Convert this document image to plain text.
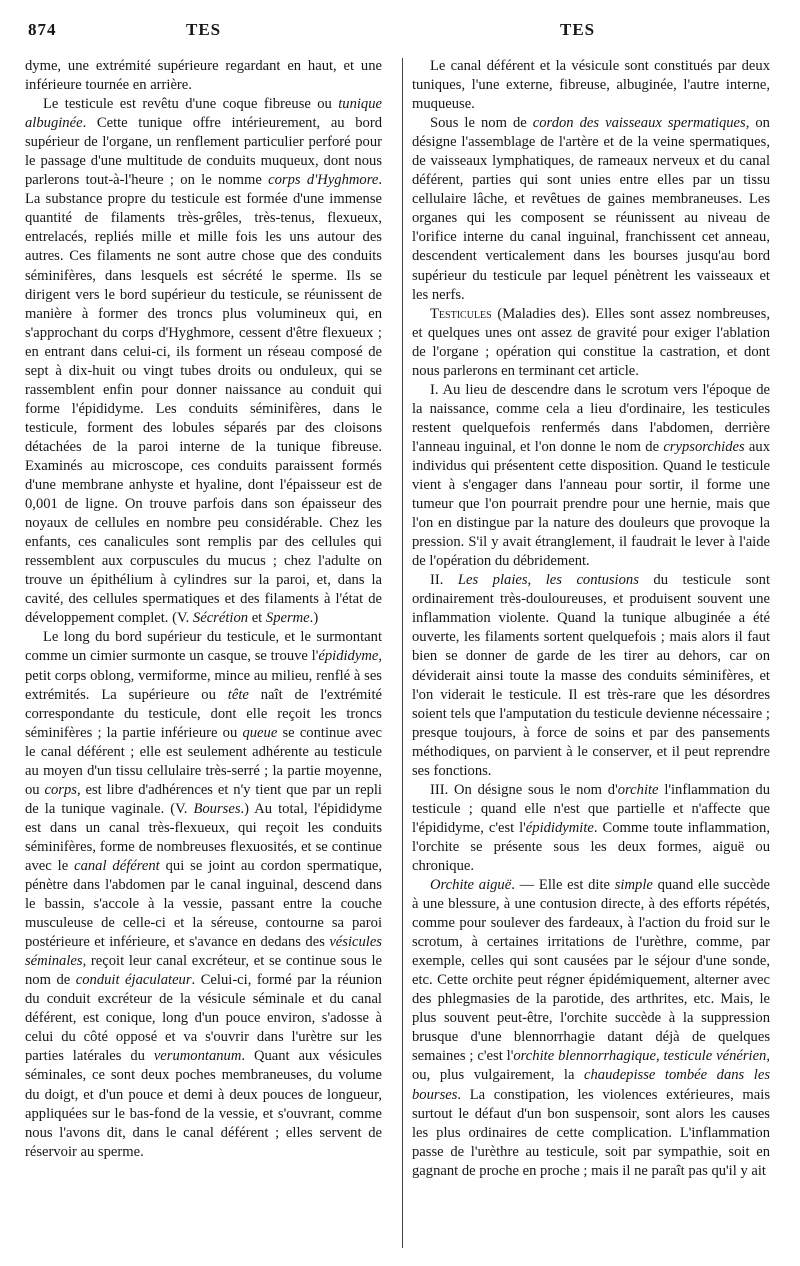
874	TES	TES

dyme, une extrémité supérieure regardant en haut, et une inférieure tournée en arrière.

Le testicule est revêtu d'une coque fibreuse ou tunique albuginée. Cette tunique offre intérieurement, au bord supérieur de l'organe, un renflement particulier perforé pour le passage d'une multitude de conduits muqueux, dont nous parlerons tout-à-l'heure ; on le nomme corps d'Hyghmore. La substance propre du testicule est formée d'une immense quantité de filaments très-grêles, très-tenus, flexueux, entrelacés, repliés mille et mille fois les uns autour des autres. Ces filaments ne sont autre chose que des conduits séminifères, dans lesquels est sécrété le sperme. Ils se dirigent vers le bord supérieur du testicule, se réunissent de manière à former des troncs plus volumineux qui, en s'approchant du corps d'Hyghmore, cessent d'être flexueux ; en entrant dans celui-ci, ils forment un réseau composé de sept à dix-huit ou vingt tubes droits ou onduleux, qui se rassemblent enfin pour donner naissance au conduit qui forme l'épididyme. Les conduits séminifères, dans le testicule, forment des lobules séparés par des cloisons détachées de la paroi interne de la tunique fibreuse. Examinés au microscope, ces conduits paraissent formés d'une membrane anhyste et hyaline, dont l'épaisseur est de 0,001 de ligne. On trouve parfois dans son épaisseur des noyaux de cellules en nombre peu considérable. Chez les enfants, ces canalicules sont remplis par des cellules qui ressemblent aux corpuscules du mucus ; chez l'adulte on trouve un épithélium à cylindres sur la paroi, et, dans la cavité, des cellules spermatiques et des filaments à l'état de développement complet. (V. Sécrétion et Sperme.)

Le long du bord supérieur du testicule, et le surmontant comme un cimier surmonte un casque, se trouve l'épididyme, petit corps oblong, vermiforme, mince au milieu, renflé à ses extrémités. La supérieure ou tête naît de l'extrémité correspondante du testicule, dont elle reçoit les troncs séminifères ; la partie inférieure ou queue se continue avec le canal déférent ; elle est seulement adhérente au testicule au moyen d'un tissu cellulaire très-serré ; la partie moyenne, ou corps, est libre d'adhérences et n'y tient que par un repli de la tunique vaginale. (V. Bourses.) Au total, l'épididyme est dans un canal très-flexueux, qui reçoit les conduits séminifères, forme de nombreuses flexuosités, et se continue avec le canal déférent qui se joint au cordon spermatique, pénètre dans l'abdomen par le canal inguinal, descend dans le bassin, s'accole à la vessie, passant entre la couche musculeuse de celle-ci et la séreuse, contourne sa paroi postérieure et inférieure, et s'avance en dedans des vésicules séminales, reçoit leur canal excréteur, et se continue sous le nom de conduit éjaculateur. Celui-ci, formé par la réunion du conduit excréteur de la vésicule séminale et du canal déférent, est conique, long d'un pouce environ, s'adosse à celui du côté opposé et va s'ouvrir dans l'urètre sur les parties latérales du verumontanum. Quant aux vésicules séminales, ce sont deux poches membraneuses, du volume du doigt, et d'un pouce et demi à deux pouces de longueur, appliquées sur le bas-fond de la vessie, et s'ouvrant, comme nous l'avons dit, dans le canal déférent ; elles servent de réservoir au sperme.

Le canal déférent et la vésicule sont constitués par deux tuniques, l'une externe, fibreuse, albuginée, l'autre interne, muqueuse.

Sous le nom de cordon des vaisseaux spermatiques, on désigne l'assemblage de l'artère et de la veine spermatiques, de vaisseaux lymphatiques, de rameaux nerveux et du canal déférent, parties qui sont unies entre elles par un tissu cellulaire lâche, et revêtues de gaines membraneuses. Les organes qui les composent se réunissent au niveau de l'orifice interne du canal inguinal, franchissent cet anneau, descendent verticalement dans les bourses jusqu'au bord supérieur du testicule par lequel pénètrent les vaisseaux et les nerfs.

Testicules (Maladies des). Elles sont assez nombreuses, et quelques unes ont assez de gravité pour exiger l'ablation de l'organe ; opération qui constitue la castration, et dont nous parlerons en terminant cet article.

I. Au lieu de descendre dans le scrotum vers l'époque de la naissance, comme cela a lieu d'ordinaire, les testicules restent quelquefois renfermés dans l'abdomen, derrière l'anneau inguinal, et l'on donne le nom de crypsorchides aux individus qui présentent cette disposition. Quand le testicule vient à s'engager dans l'anneau pour sortir, il forme une tumeur que l'on pourrait prendre pour une hernie, mais que l'on en distingue par la nature des douleurs que provoque la pression. S'il y avait étranglement, il faudrait le lever à l'aide de l'opération du débridement.

II. Les plaies, les contusions du testicule sont ordinairement très-douloureuses, et produisent souvent une inflammation violente. Quand la tunique albuginée a été ouverte, les filaments sortent quelquefois ; mais alors il faut bien se donner de garde de les tirer au dehors, car on déviderait ainsi toute la masse des conduits séminifères, et l'on viderait le testicule. Il est très-rare que les désordres soient tels que l'amputation du testicule devienne nécessaire ; presque toujours, à force de soins et par des pansements méthodiques, on parvient à le conserver, et il peut reprendre ses fonctions.

III. On désigne sous le nom d'orchite l'inflammation du testicule ; quand elle n'est que partielle et n'affecte que l'épididyme, c'est l'épididymite. Comme toute inflammation, l'orchite se présente sous les deux formes, aiguë ou chronique.

Orchite aiguë. — Elle est dite simple quand elle succède à une blessure, à une contusion directe, à des efforts répétés, comme pour soulever des fardeaux, à l'action du froid sur le scrotum, à certaines irritations de l'urèthre, comme, par exemple, celles qui sont causées par le séjour d'une sonde, etc. Cette orchite peut régner épidémiquement, alterner avec des phlegmasies de la parotide, des arthrites, etc. Mais, le plus souvent peut-être, l'orchite succède à la suppression brusque d'une blennorrhagie datant déjà de quelques semaines ; c'est l'orchite blennorrhagique, testicule vénérien, ou, plus vulgairement, la chaudepisse tombée dans les bourses. La constipation, les violences extérieures, mais surtout le défaut d'un bon suspensoir, sont alors les causes les plus ordinaires de cette complication. L'inflammation passe de l'urèthre au testicule, soit par sympathie, soit en gagnant de proche en proche ; mais il ne paraît pas qu'il y ait
